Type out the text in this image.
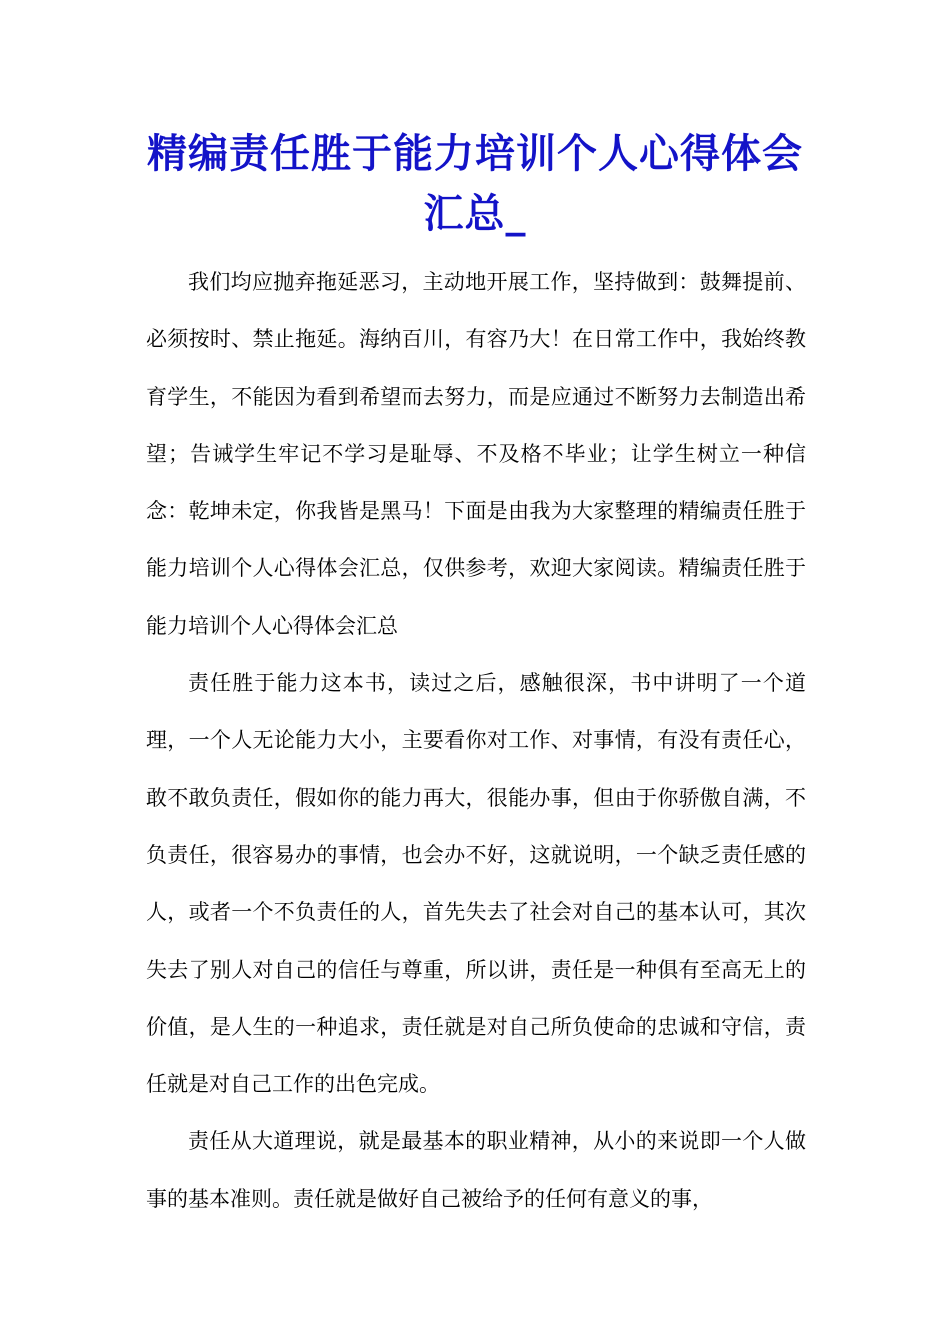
精编责任胜于能力培训个人心得体会汇总_

我们均应抛弃拖延恶习，主动地开展工作，坚持做到：鼓舞提前、必须按时、禁止拖延。海纳百川，有容乃大！在日常工作中，我始终教育学生，不能因为看到希望而去努力，而是应通过不断努力去制造出希望；告诫学生牢记不学习是耻辱、不及格不毕业；让学生树立一种信念：乾坤未定，你我皆是黑马！下面是由我为大家整理的精编责任胜于能力培训个人心得体会汇总，仅供参考，欢迎大家阅读。精编责任胜于能力培训个人心得体会汇总

责任胜于能力这本书，读过之后，感触很深，书中讲明了一个道理，一个人无论能力大小，主要看你对工作、对事情，有没有责任心，敢不敢负责任，假如你的能力再大，很能办事，但由于你骄傲自满，不负责任，很容易办的事情，也会办不好，这就说明，一个缺乏责任感的人，或者一个不负责任的人，首先失去了社会对自己的基本认可，其次失去了别人对自己的信任与尊重，所以讲，责任是一种俱有至高无上的价值，是人生的一种追求，责任就是对自己所负使命的忠诚和守信，责任就是对自己工作的出色完成。

责任从大道理说，就是最基本的职业精神，从小的来说即一个人做事的基本准则。责任就是做好自己被给予的任何有意义的事，
